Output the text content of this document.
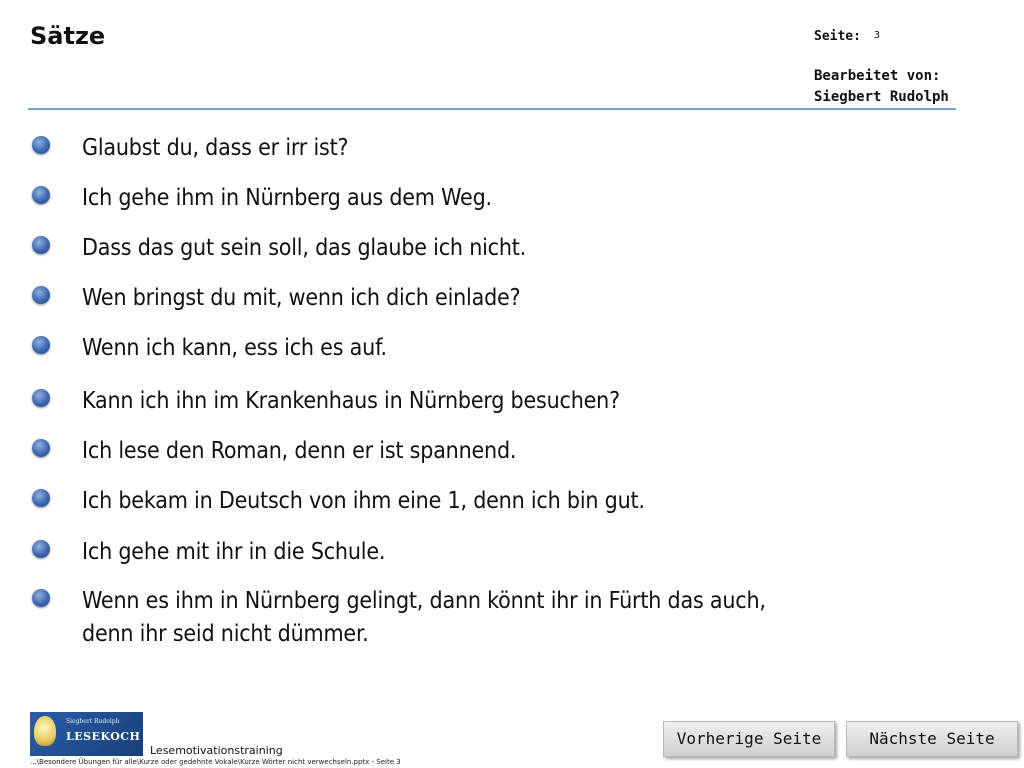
Sätze	Seite: 3
Bearbeitet von:
Siegbert Rudolph
Glaubst du, dass er irr ist?
Ich gehe ihm in Nürnberg aus dem Weg.
Dass das gut sein soll, das glaube ich nicht.
Wen bringst du mit, wenn ich dich einlade?
Wenn ich kann, ess ich es auf.
Kann ich ihn im Krankenhaus in Nürnberg besuchen?
Ich lese den Roman, denn er ist spannend.
Ich bekam in Deutsch von ihm eine 1, denn ich bin gut.
Ich gehe mit ihr in die Schule.
Wenn es ihm in Nürnberg gelingt, dann könnt ihr in Fürth das auch,
denn ihr seid nicht dümmer.
Siegbert Rudolph
LESEKOCH
Lesemotivationstraining
...\Besondere Übungen für alle\Kurze oder gedehnte Vokale\Kurze Wörter nicht verwechseln.pptx - Seite 3
Vorherige Seite	Nächste Seite
